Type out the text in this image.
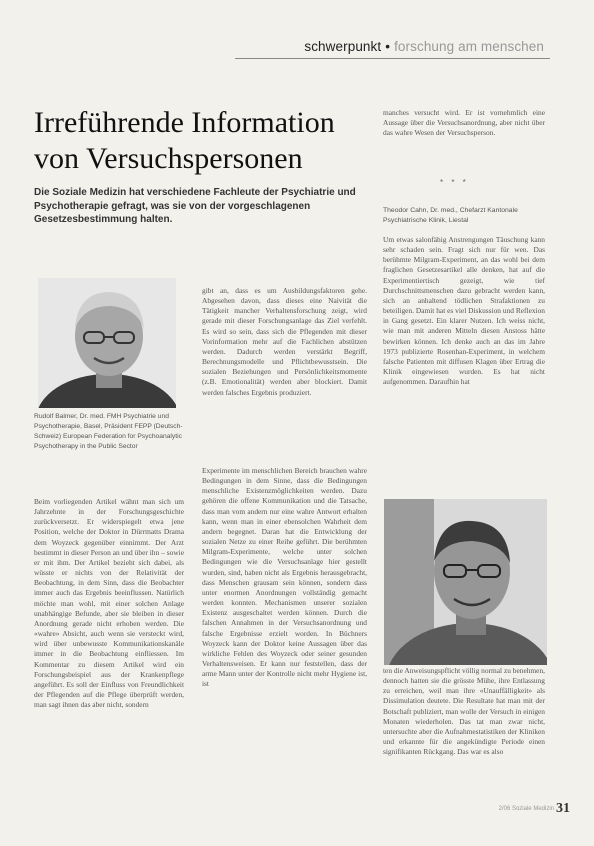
schwerpunkt • forschung am menschen
Irreführende Information
von Versuchspersonen
Die Soziale Medizin hat verschiedene Fachleute der Psychiatrie und Psychotherapie gefragt, was sie von der vorgeschlagenen Gesetzesbestimmung halten.
Rudolf Balmer, Dr. med. FMH Psychiatrie und Psychotherapie, Basel, Präsident FEPP (Deutsch-Schweiz) European Federation for Psychoanalytic Psychotherapy in the Public Sector

Beim vorliegenden Artikel wähnt man sich um Jahrzehnte in der Forschungsgeschichte zurückversetzt. Er widerspiegelt etwa jene Position, welche der Doktor in Dürrmatts Drama dem Woyzeck gegenüber einnimmt. Der Arzt bestimmt in dieser Person an und über ihn – sowie er mit ihm. Der Artikel bezieht sich dabei, als wüsste er nichts von der Relativität der Beobachtung, in dem Sinn, dass die Beobachter immer auch das Ergebnis beeinflussen. Natürlich möchte man wohl, mit einer solchen Anlage unabhängige Befunde, aber sie bleiben in dieser Anordnung gerade nicht erhoben werden. Die «wahre» Absicht, auch wenn sie versteckt wird, wird über unbewusste Kommunikationskanäle immer in die Beobachtung einfliessen. Im Kommentar zu diesem Artikel wird ein Forschungsbeispiel aus der Krankenpflege angeführt. Es soll der Einfluss von Freundlichkeit der Pflegenden auf die Pflege überprüft werden, man sagt ihnen das aber nicht, sondern

gibt an, dass es um Ausbildungsfaktoren gehe. Abgesehen davon, dass dieses eine Naivität die Tätigkeit mancher Verhaltensforschung zeigt, wird gerade mit dieser Forschungsanlage das Ziel verfehlt. Es wird so sein, dass sich die Pflegenden mit dieser Vorinformation mehr auf die Fachlichen abstützen werden. Dadurch werden verstärkt Begriff, Berechnungsmodelle und Pflichtbewusstsein. Die sozialen Beziehungen und Persönlichkeitsmomente (z.B. Emotionalität) werden aber blockiert. Damit werden falsches Ergebnis produziert.

Experimente im menschlichen Bereich brauchen wahre Bedingungen in dem Sinne, dass die Bedingungen menschliche Existenzmöglichkeiten werden. Dazu gehören die offene Kommunikation und die Tatsache, dass man vom andern nur eine wahre Antwort erhalten kann, wenn man in einer ebensolchen Wahrheit dem andern begegnet. Daran hat die Entwicklung der sozialen Netze zu einer Reihe geführt. Die berühmten Milgram-Experimente, welche unter solchen Bedingungen wie die Versuchsanlage hier gestellt wurden, sind, haben nicht als Ergebnis herausgebracht, dass Menschen grausam sein können, sondern dass unter enormen Anordnungen vollständig gemacht werden konnten. Mechanismen unserer sozialen Existenz ausgeschaltet werden können. Durch die falschen Annahmen in der Versuchsanordnung und falsche Ergebnisse erzielt worden. In Büchners Woyzeck kann der Doktor keine Aussagen über das wirkliche Fehlen des Woyzeck oder seiner gesunden Verhaltensweisen. Er kann nur feststellen, dass der arme Mann unter der Kontrolle nicht mehr Hygiene ist, ist

manches versucht wird. Er ist vornehmlich eine Aussage über die Versuchsanordnung, aber nicht über das wahre Wesen der Versuchsperson.

* * *
Theodor Cahn, Dr. med., Chefarzt Kantonale Psychiatrische Klinik, Liestal

Um etwas salonfähig Anstrengungen Täuschung kann sehr schaden sein. Fragt sich nur für wen. Das berühmte Milgram-Experiment, an das wohl bei dem fraglichen Gesetzesartikel alle denken, hat auf die Experimentiertisch gezeigt, wie tief Durchschnittsmenschen dazu gebracht werden kann, sich an anhaltend tödlichen Strafaktionen zu beteiligen. Damit hat es viel Diskussion und Reflexion in Gang gesetzt. Ein klarer Nutzen. Ich weiss nicht, wie man mit anderen Mitteln diesen Anstoss hätte bewirken können. Ich denke auch an das im Jahre 1973 publizierte Rosenhan-Experiment, in welchem falsche Patienten mit diffusen Klagen über Ertrag die Klinik eingewiesen wurden. Es hat nicht aufgenommen. Daraufhin hat

ten die Anweisungspflicht völlig normal zu benehmen, dennoch hatten sie die grösste Mühe, ihre Entlassung zu erreichen, weil man ihre «Unauffälligkeit» als Dissimulation deutete. Die Resultate hat man mit der Botschaft publiziert, man wolle der Versuch in einigen Monaten wiederholen. Das tat man zwar nicht, untersuchte aber die Aufnahmestatistiken der Kliniken und erkannte für die angekündigte Periode einen signifikanten Rückgang. Das war es also

2/06 Soziale Medizin 31
